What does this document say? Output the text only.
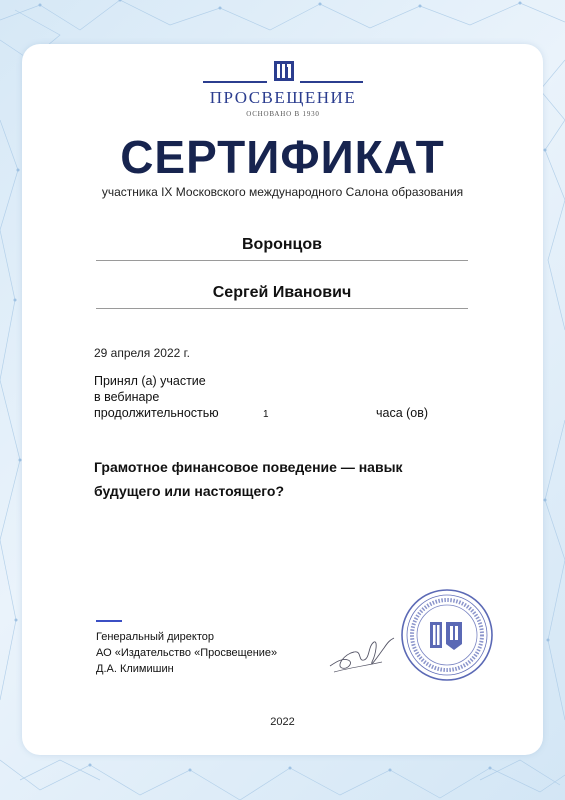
ПРОСВЕЩЕНИЕ
ОСНОВАНО В 1930
СЕРТИФИКАТ
участника IX Московского международного Салона образования
Воронцов
Сергей Иванович
29 апреля 2022 г.
Принял (а) участие
в вебинаре
продолжительностью	1	часа (ов)
Грамотное финансовое поведение — навык
будущего или настоящего?
Генеральный директор
АО «Издательство «Просвещение»
Д.А. Климишин
2022
